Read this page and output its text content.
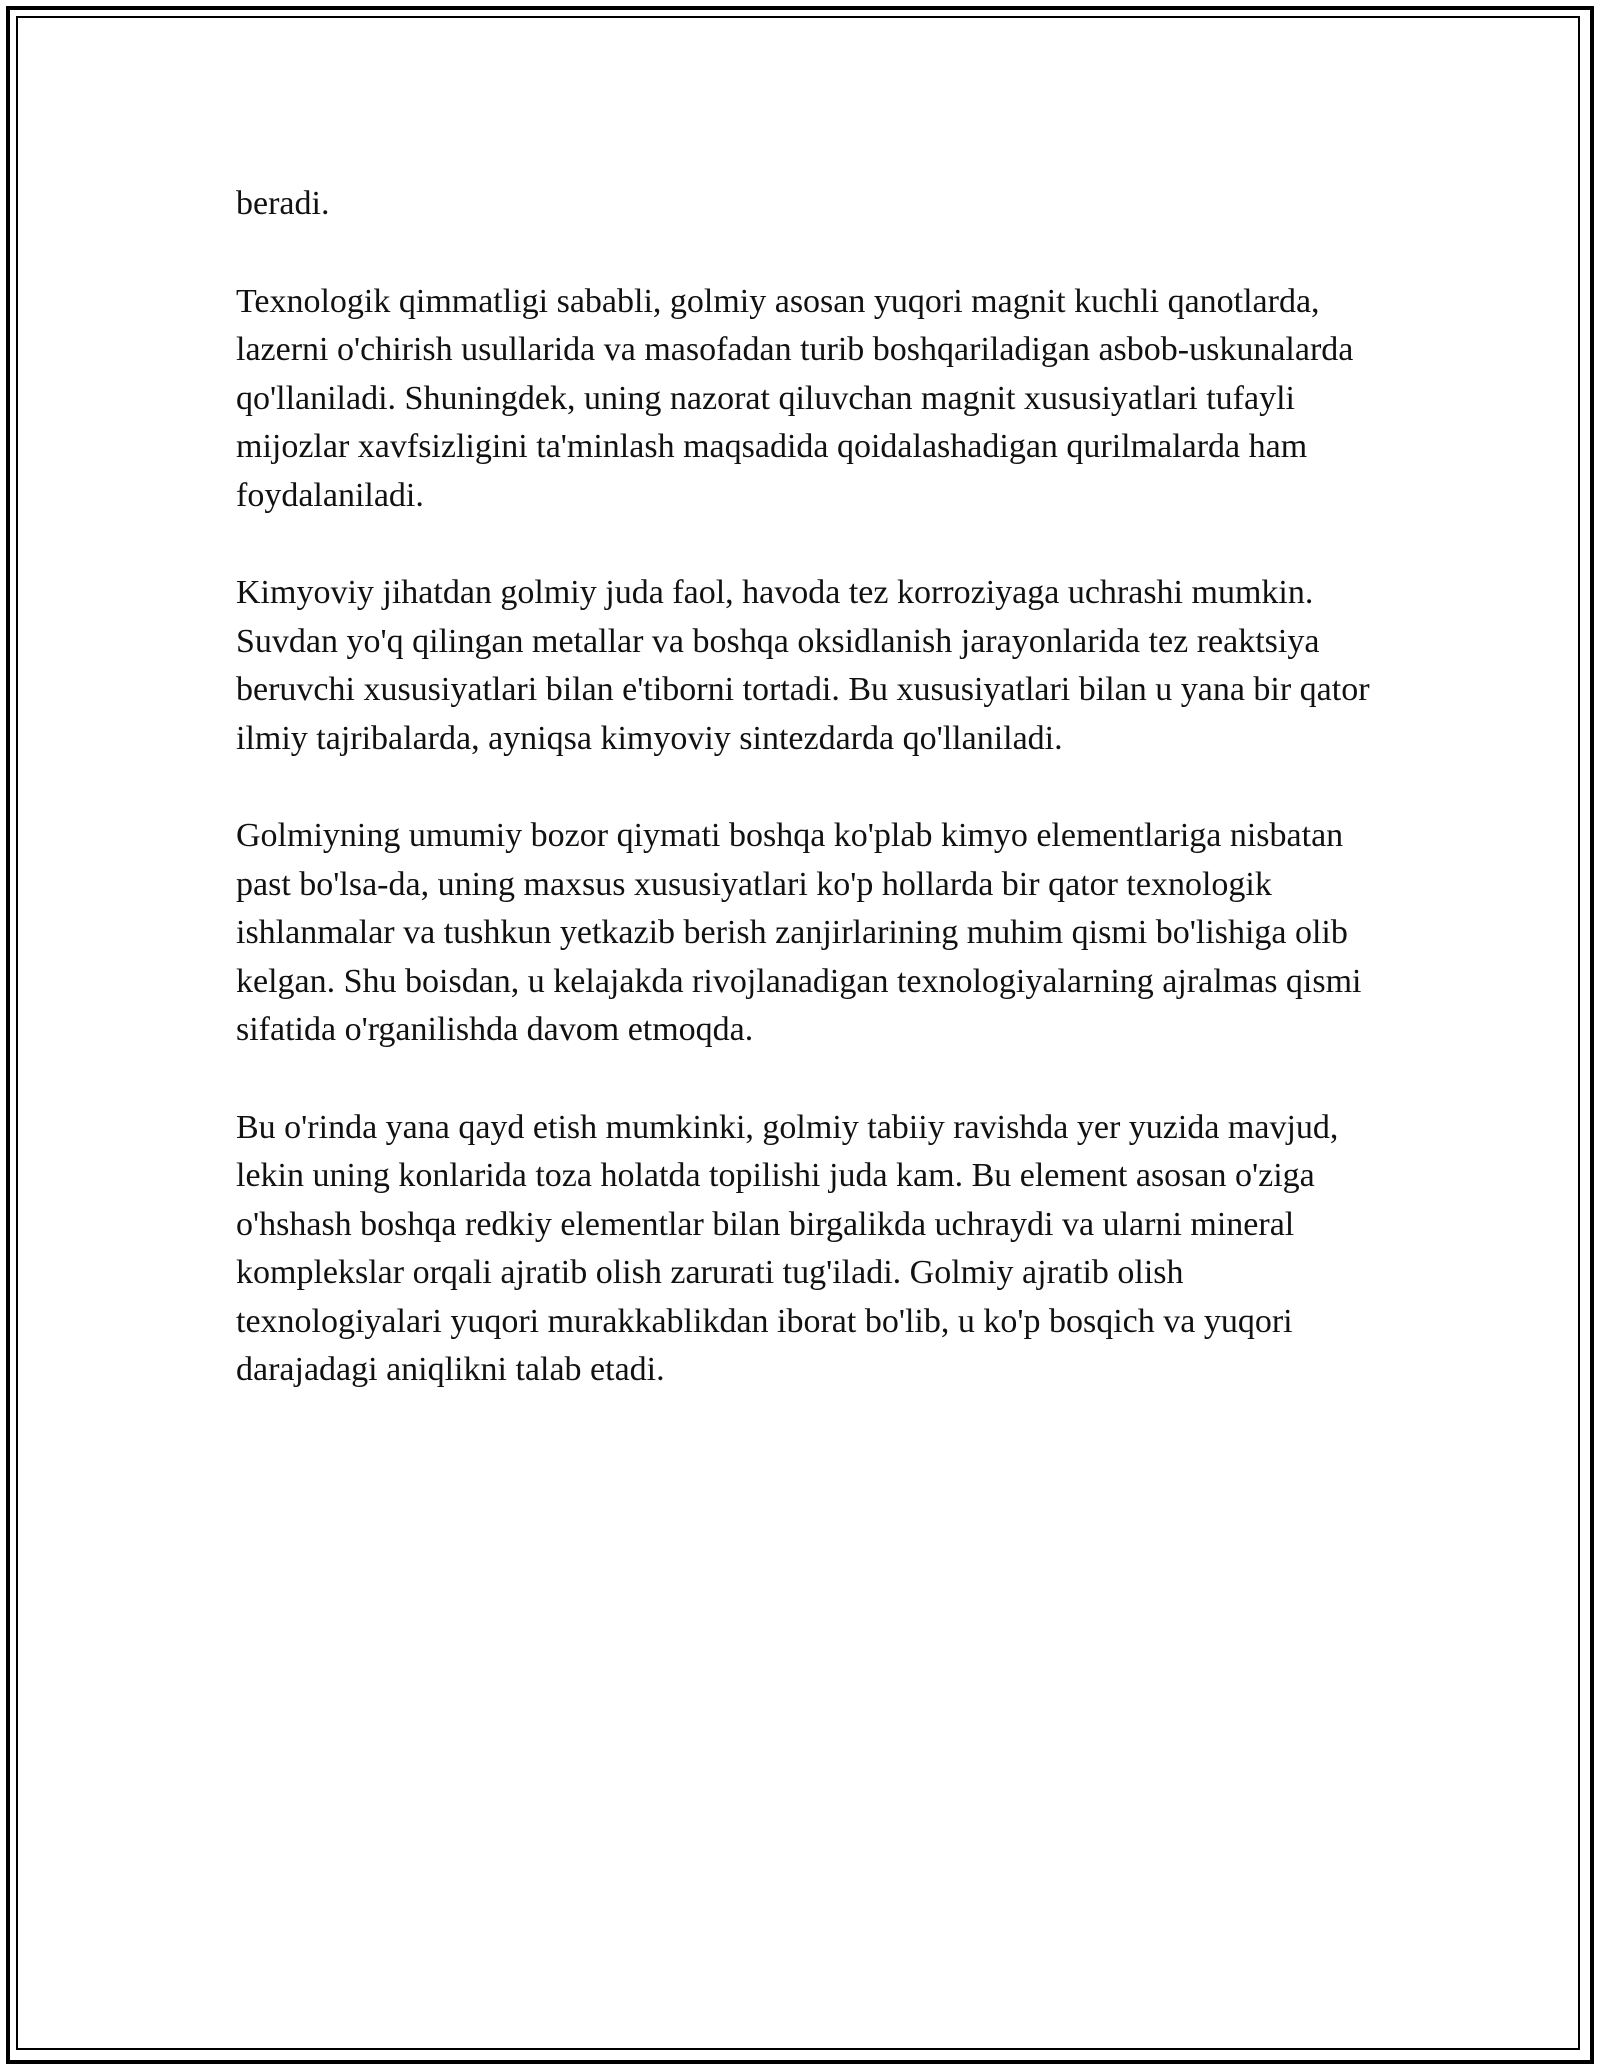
beradi.

Texnologik qimmatligi sababli, golmiy asosan yuqori magnit kuchli qanotlarda, lazerni o'chirish usullarida va masofadan turib boshqariladigan asbob-uskunalarda qo'llaniladi. Shuningdek, uning nazorat qiluvchan magnit xususiyatlari tufayli mijozlar xavfsizligini ta'minlash maqsadida qoidalashadigan qurilmalarda ham foydalaniladi.

Kimyoviy jihatdan golmiy juda faol, havoda tez korroziyaga uchrashi mumkin. Suvdan yo'q qilingan metallar va boshqa oksidlanish jarayonlarida tez reaktsiya beruvchi xususiyatlari bilan e'tiborni tortadi. Bu xususiyatlari bilan u yana bir qator ilmiy tajribalarda, ayniqsa kimyoviy sintezdarda qo'llaniladi.

Golmiyning umumiy bozor qiymati boshqa ko'plab kimyo elementlariga nisbatan past bo'lsa-da, uning maxsus xususiyatlari ko'p hollarda bir qator texnologik ishlanmalar va tushkun yetkazib berish zanjirlarining muhim qismi bo'lishiga olib kelgan. Shu boisdan, u kelajakda rivojlanadigan texnologiyalarning ajralmas qismi sifatida o'rganilishda davom etmoqda.

Bu o'rinda yana qayd etish mumkinki, golmiy tabiiy ravishda yer yuzida mavjud, lekin uning konlarida toza holatda topilishi juda kam. Bu element asosan o'ziga o'hshash boshqa redkiy elementlar bilan birgalikda uchraydi va ularni mineral komplekslar orqali ajratib olish zarurati tug'iladi. Golmiy ajratib olish texnologiyalari yuqori murakkablikdan iborat bo'lib, u ko'p bosqich va yuqori darajadagi aniqlikni talab etadi.
